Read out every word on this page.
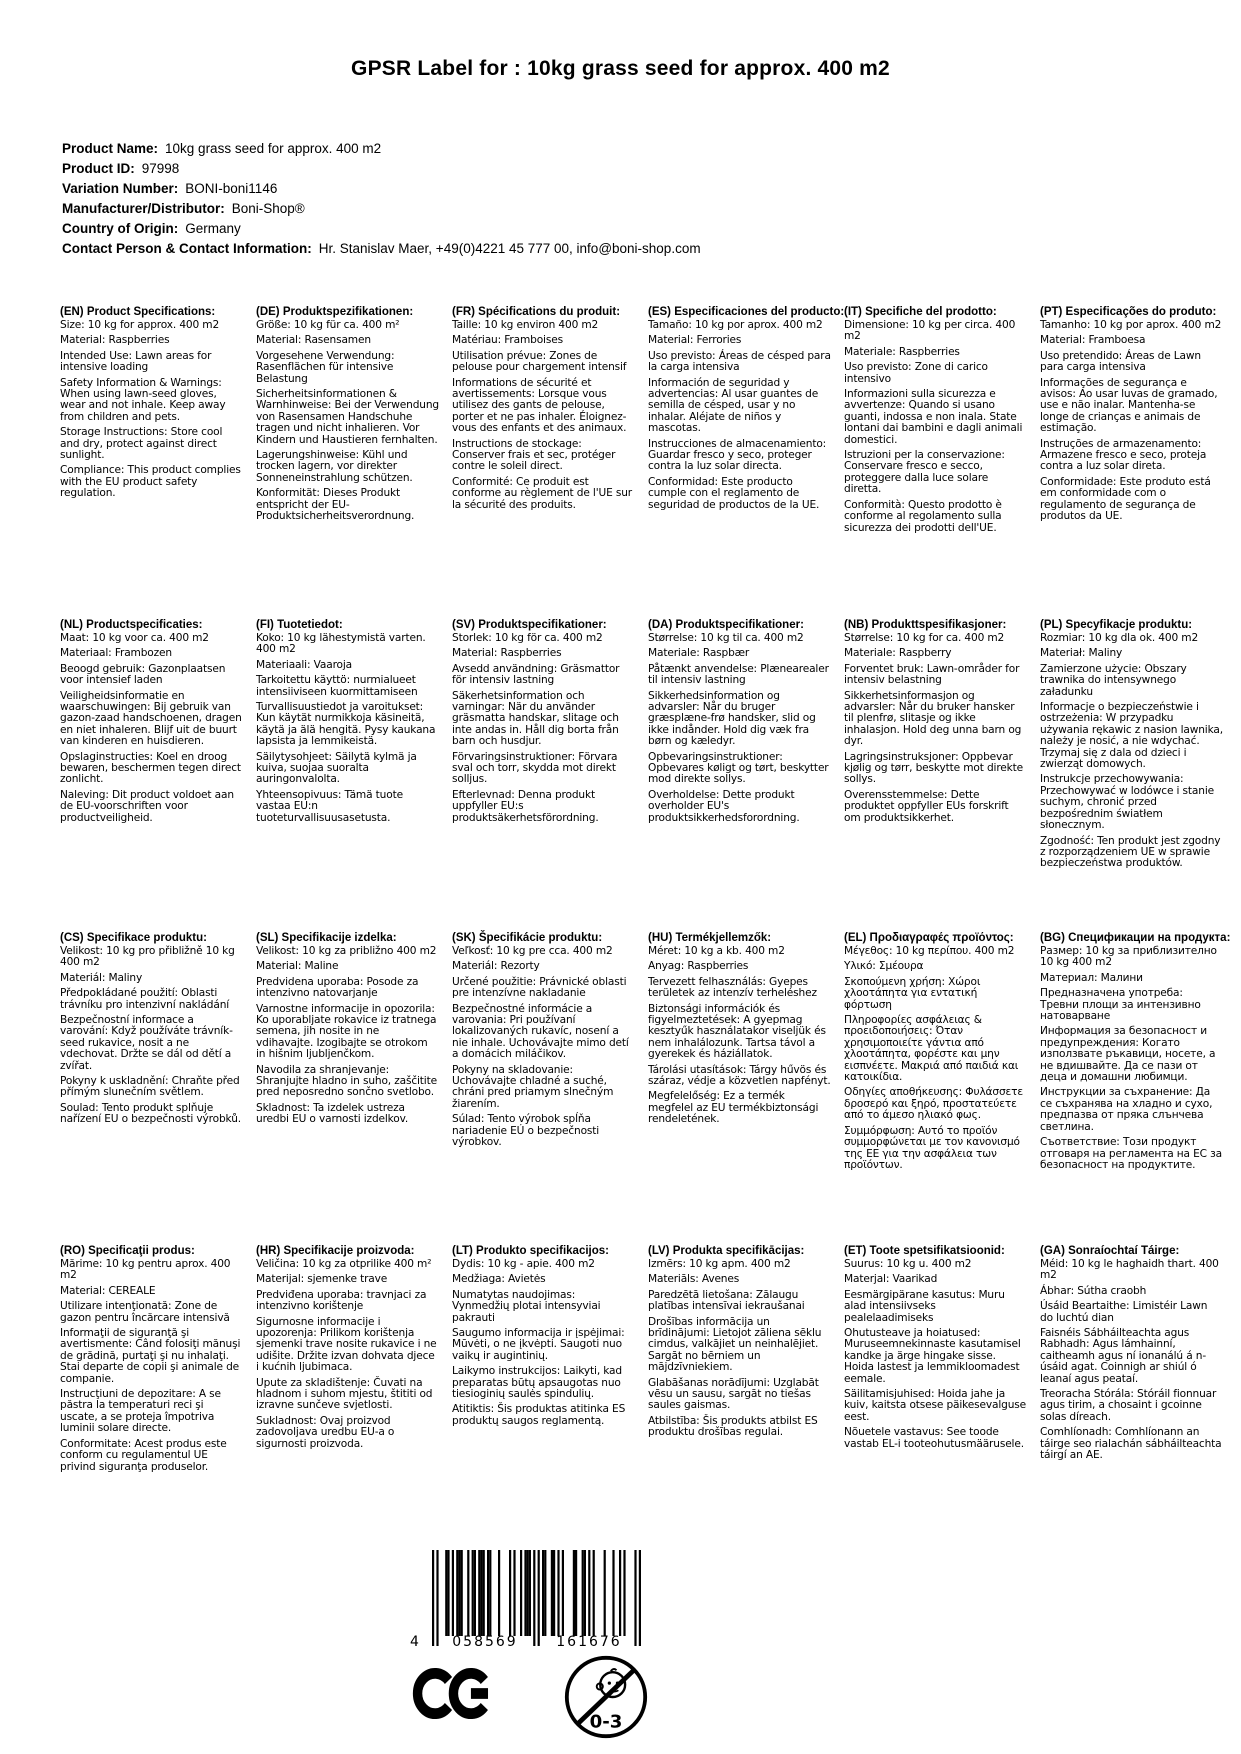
GPSR Label for : 10kg grass seed for approx. 400 m2
Product Name: 10kg grass seed for approx. 400 m2
Product ID: 97998
Variation Number: BONI-boni1146
Manufacturer/Distributor: Boni-Shop®
Country of Origin: Germany
Contact Person & Contact Information: Hr. Stanislav Maer, +49(0)4221 45 777 00, info@boni-shop.com
(EN) Product Specifications:

Size: 10 kg for approx. 400 m2

Material: Raspberries

Intended Use: Lawn areas for intensive loading

Safety Information & Warnings: When using lawn-seed gloves, wear and not inhale. Keep away from children and pets.

Storage Instructions: Store cool and dry, protect against direct sunlight.

Compliance: This product complies with the EU product safety regulation.

(DE) Produktspezifikationen:

Größe: 10 kg für ca. 400 m²

Material: Rasensamen

Vorgesehene Verwendung: Rasenflächen für intensive Belastung

Sicherheitsinformationen & Warnhinweise: Bei der Verwendung von Rasensamen Handschuhe tragen und nicht inhalieren. Vor Kindern und Haustieren fernhalten.

Lagerungshinweise: Kühl und trocken lagern, vor direkter Sonneneinstrahlung schützen.

Konformität: Dieses Produkt entspricht der EU-Produktsicherheitsverordnung.

(FR) Spécifications du produit:

Taille: 10 kg environ 400 m2

Matériau: Framboises

Utilisation prévue: Zones de pelouse pour chargement intensif

Informations de sécurité et avertissements: Lorsque vous utilisez des gants de pelouse, porter et ne pas inhaler. Éloignez-vous des enfants et des animaux.

Instructions de stockage: Conserver frais et sec, protéger contre le soleil direct.

Conformité: Ce produit est conforme au règlement de l'UE sur la sécurité des produits.

(ES) Especificaciones del producto:

Tamaño: 10 kg por aprox. 400 m2

Material: Ferrories

Uso previsto: Áreas de césped para la carga intensiva

Información de seguridad y advertencias: Al usar guantes de semilla de césped, usar y no inhalar. Aléjate de niños y mascotas.

Instrucciones de almacenamiento: Guardar fresco y seco, proteger contra la luz solar directa.

Conformidad: Este producto cumple con el reglamento de seguridad de productos de la UE.

(IT) Specifiche del prodotto:

Dimensione: 10 kg per circa. 400 m2

Materiale: Raspberries

Uso previsto: Zone di carico intensivo

Informazioni sulla sicurezza e avvertenze: Quando si usano guanti, indossa e non inala. State lontani dai bambini e dagli animali domestici.

Istruzioni per la conservazione: Conservare fresco e secco, proteggere dalla luce solare diretta.

Conformità: Questo prodotto è conforme al regolamento sulla sicurezza dei prodotti dell'UE.

(PT) Especificações do produto:

Tamanho: 10 kg por aprox. 400 m2

Material: Framboesa

Uso pretendido: Áreas de Lawn para carga intensiva

Informações de segurança e avisos: Ao usar luvas de gramado, use e não inalar. Mantenha-se longe de crianças e animais de estimação.

Instruções de armazenamento: Armazene fresco e seco, proteja contra a luz solar direta.

Conformidade: Este produto está em conformidade com o regulamento de segurança de produtos da UE.

(NL) Productspecificaties:

Maat: 10 kg voor ca. 400 m2

Materiaal: Frambozen

Beoogd gebruik: Gazonplaatsen voor intensief laden

Veiligheidsinformatie en waarschuwingen: Bij gebruik van gazon-zaad handschoenen, dragen en niet inhaleren. Blijf uit de buurt van kinderen en huisdieren.

Opslaginstructies: Koel en droog bewaren, beschermen tegen direct zonlicht.

Naleving: Dit product voldoet aan de EU-voorschriften voor productveiligheid.

(FI) Tuotetiedot:

Koko: 10 kg lähestymistä varten. 400 m2

Materiaali: Vaaroja

Tarkoitettu käyttö: nurmialueet intensiiviseen kuormittamiseen

Turvallisuustiedot ja varoitukset: Kun käytät nurmikkoja käsineitä, käytä ja älä hengitä. Pysy kaukana lapsista ja lemmikeistä.

Säilytysohjeet: Säilytä kylmä ja kuiva, suojaa suoralta auringonvalolta.

Yhteensopivuus: Tämä tuote vastaa EU:n tuoteturvallisuusasetusta.

(SV) Produktspecifikationer:

Storlek: 10 kg för ca. 400 m2

Material: Raspberries

Avsedd användning: Gräsmattor för intensiv lastning

Säkerhetsinformation och varningar: När du använder gräsmatta handskar, slitage och inte andas in. Håll dig borta från barn och husdjur.

Förvaringsinstruktioner: Förvara sval och torr, skydda mot direkt solljus.

Efterlevnad: Denna produkt uppfyller EU:s produktsäkerhetsförordning.

(DA) Produktspecifikationer:

Størrelse: 10 kg til ca. 400 m2

Materiale: Raspbær

Påtænkt anvendelse: Plænearealer til intensiv lastning

Sikkerhedsinformation og advarsler: Når du bruger græsplæne-frø handsker, slid og ikke indånder. Hold dig væk fra børn og kæledyr.

Opbevaringsinstruktioner: Opbevares køligt og tørt, beskytter mod direkte sollys.

Overholdelse: Dette produkt overholder EU's produktsikkerhedsforordning.

(NB) Produkttspesifikasjoner:

Størrelse: 10 kg for ca. 400 m2

Materiale: Raspberry

Forventet bruk: Lawn-områder for intensiv belastning

Sikkerhetsinformasjon og advarsler: Når du bruker hansker til plenfrø, slitasje og ikke inhalasjon. Hold deg unna barn og dyr.

Lagringsinstruksjoner: Oppbevar kjølig og tørr, beskytte mot direkte sollys.

Overensstemmelse: Dette produktet oppfyller EUs forskrift om produktsikkerhet.

(PL) Specyfikacje produktu:

Rozmiar: 10 kg dla ok. 400 m2

Materiał: Maliny

Zamierzone użycie: Obszary trawnika do intensywnego załadunku

Informacje o bezpieczeństwie i ostrzeżenia: W przypadku używania rękawic z nasion lawnika, należy je nosić, a nie wdychać. Trzymaj się z dala od dzieci i zwierząt domowych.

Instrukcje przechowywania: Przechowywać w lodówce i stanie suchym, chronić przed bezpośrednim światłem słonecznym.

Zgodność: Ten produkt jest zgodny z rozporządzeniem UE w sprawie bezpieczeństwa produktów.

(CS) Specifikace produktu:

Velikost: 10 kg pro přibližně 10 kg 400 m2

Materiál: Maliny

Předpokládané použití: Oblasti trávníku pro intenzivní nakládání

Bezpečnostní informace a varování: Když používáte trávník-seed rukavice, nosit a ne vdechovat. Držte se dál od dětí a zvířat.

Pokyny k uskladnění: Chraňte před přímým slunečním světlem.

Soulad: Tento produkt splňuje nařízení EU o bezpečnosti výrobků.

(SL) Specifikacije izdelka:

Velikost: 10 kg za približno 400 m2

Material: Maline

Predvidena uporaba: Posode za intenzivno natovarjanje

Varnostne informacije in opozorila: Ko uporabljate rokavice iz tratnega semena, jih nosite in ne vdihavajte. Izogibajte se otrokom in hišnim ljubljenčkom.

Navodila za shranjevanje: Shranjujte hladno in suho, zaščitite pred neposredno sončno svetlobo.

Skladnost: Ta izdelek ustreza uredbi EU o varnosti izdelkov.

(SK) Špecifikácie produktu:

Veľkosť: 10 kg pre cca. 400 m2

Materiál: Rezorty

Určené použitie: Právnické oblasti pre intenzívne nakladanie

Bezpečnostné informácie a varovania: Pri používaní lokalizovaných rukavíc, nosení a nie inhale. Uchovávajte mimo detí a domácich miláčikov.

Pokyny na skladovanie: Uchovávajte chladné a suché, chráni pred priamym slnečným žiarením.

Súlad: Tento výrobok spĺňa nariadenie EÚ o bezpečnosti výrobkov.

(HU) Termékjellemzők:

Méret: 10 kg a kb. 400 m2

Anyag: Raspberries

Tervezett felhasználás: Gyepes területek az intenzív terheléshez

Biztonsági információk és figyelmeztetések: A gyepmag kesztyűk használatakor viseljük és nem inhalálozunk. Tartsa távol a gyerekek és háziállatok.

Tárolási utasítások: Tárgy hűvös és száraz, védje a közvetlen napfényt.

Megfelelőség: Ez a termék megfelel az EU termékbiztonsági rendeletének.

(EL) Προδιαγραφές προϊόντος:

Μέγεθος: 10 kg περίπου. 400 m2

Υλικό: Σμέουρα

Σκοπούμενη χρήση: Χώροι χλοοτάπητα για εντατική φόρτωση

Πληροφορίες ασφάλειας & προειδοποιήσεις: Όταν χρησιμοποιείτε γάντια από χλοοτάπητα, φορέστε και μην εισπνέετε. Μακριά από παιδιά και κατοικίδια.

Οδηγίες αποθήκευσης: Φυλάσσετε δροσερό και ξηρό, προστατεύετε από το άμεσο ηλιακό φως.

Συμμόρφωση: Αυτό το προϊόν συμμορφώνεται με τον κανονισμό της ΕΕ για την ασφάλεια των προϊόντων.

(BG) Спецификации на продукта:

Размер: 10 kg за приблизително 10 kg 400 m2

Материал: Малини

Предназначена употреба: Тревни площи за интензивно натоварване

Информация за безопасност и предупреждения: Когато използвате ръкавици, носете, а не вдишвайте. Да се пази от деца и домашни любимци.

Инструкции за съхранение: Да се съхранява на хладно и сухо, предпазва от пряка слънчева светлина.

Съответствие: Този продукт отговаря на регламента на ЕС за безопасност на продуктите.

(RO) Specificaţii produs:

Mărime: 10 kg pentru aprox. 400 m2

Material: CEREALE

Utilizare intenţionată: Zone de gazon pentru încărcare intensivă

Informaţii de siguranţă şi avertismente: Când folosiţi mănuşi de grădină, purtaţi şi nu inhalaţi. Stai departe de copii şi animale de companie.

Instrucţiuni de depozitare: A se păstra la temperaturi reci şi uscate, a se proteja împotriva luminii solare directe.

Conformitate: Acest produs este conform cu regulamentul UE privind siguranţa produselor.

(HR) Specifikacije proizvoda:

Veličina: 10 kg za otprilike 400 m²

Materijal: sjemenke trave

Predviđena uporaba: travnjaci za intenzivno korištenje

Sigurnosne informacije i upozorenja: Prilikom korištenja sjemenki trave nosite rukavice i ne udišite. Držite izvan dohvata djece i kućnih ljubimaca.

Upute za skladištenje: Čuvati na hladnom i suhom mjestu, štititi od izravne sunčeve svjetlosti.

Sukladnost: Ovaj proizvod zadovoljava uredbu EU-a o sigurnosti proizvoda.

(LT) Produkto specifikacijos:

Dydis: 10 kg - apie. 400 m2

Medžiaga: Avietės

Numatytas naudojimas: Vynmedžių plotai intensyviai pakrauti

Saugumo informacija ir įspėjimai: Mūvėti, o ne įkvėpti. Saugoti nuo vaikų ir augintinių.

Laikymo instrukcijos: Laikyti, kad preparatas būtų apsaugotas nuo tiesioginių saulės spindulių.

Atitiktis: Šis produktas atitinka ES produktų saugos reglamentą.

(LV) Produkta specifikācijas:

Izmērs: 10 kg apm. 400 m2

Materiāls: Avenes

Paredzētā lietošana: Zālaugu platības intensīvai iekraušanai

Drošības informācija un brīdinājumi: Lietojot zāliena sēklu cimdus, valkājiet un neinhalējiet. Sargāt no bērniem un mājdzīvniekiem.

Glabāšanas norādījumi: Uzglabāt vēsu un sausu, sargāt no tiešas saules gaismas.

Atbilstība: Šis produkts atbilst ES produktu drošības regulai.

(ET) Toote spetsifikatsioonid:

Suurus: 10 kg u. 400 m2

Materjal: Vaarikad

Eesmärgipärane kasutus: Muru alad intensiivseks pealelaadimiseks

Ohutusteave ja hoiatused: Muruseemnekinnaste kasutamisel kandke ja ärge hingake sisse. Hoida lastest ja lemmikloomadest eemale.

Säilitamisjuhised: Hoida jahe ja kuiv, kaitsta otsese päikesevalguse eest.

Nõuetele vastavus: See toode vastab EL-i tooteohutusmäärusele.

(GA) Sonraíochtaí Táirge:

Méid: 10 kg le haghaidh thart. 400 m2

Ábhar: Sútha craobh

Úsáid Beartaithe: Limistéir Lawn do luchtú dian

Faisnéis Sábháilteachta agus Rabhadh: Agus lámhainní, caitheamh agus ní ionanálú á n-úsáid agat. Coinnigh ar shiúl ó leanaí agus peataí.

Treoracha Stórála: Stóráil fionnuar agus tirim, a chosaint i gcoinne solas díreach.

Comhlíonadh: Comhlíonann an táirge seo rialachán sábháilteachta táirgí an AE.

4	058569	161676
0-3
